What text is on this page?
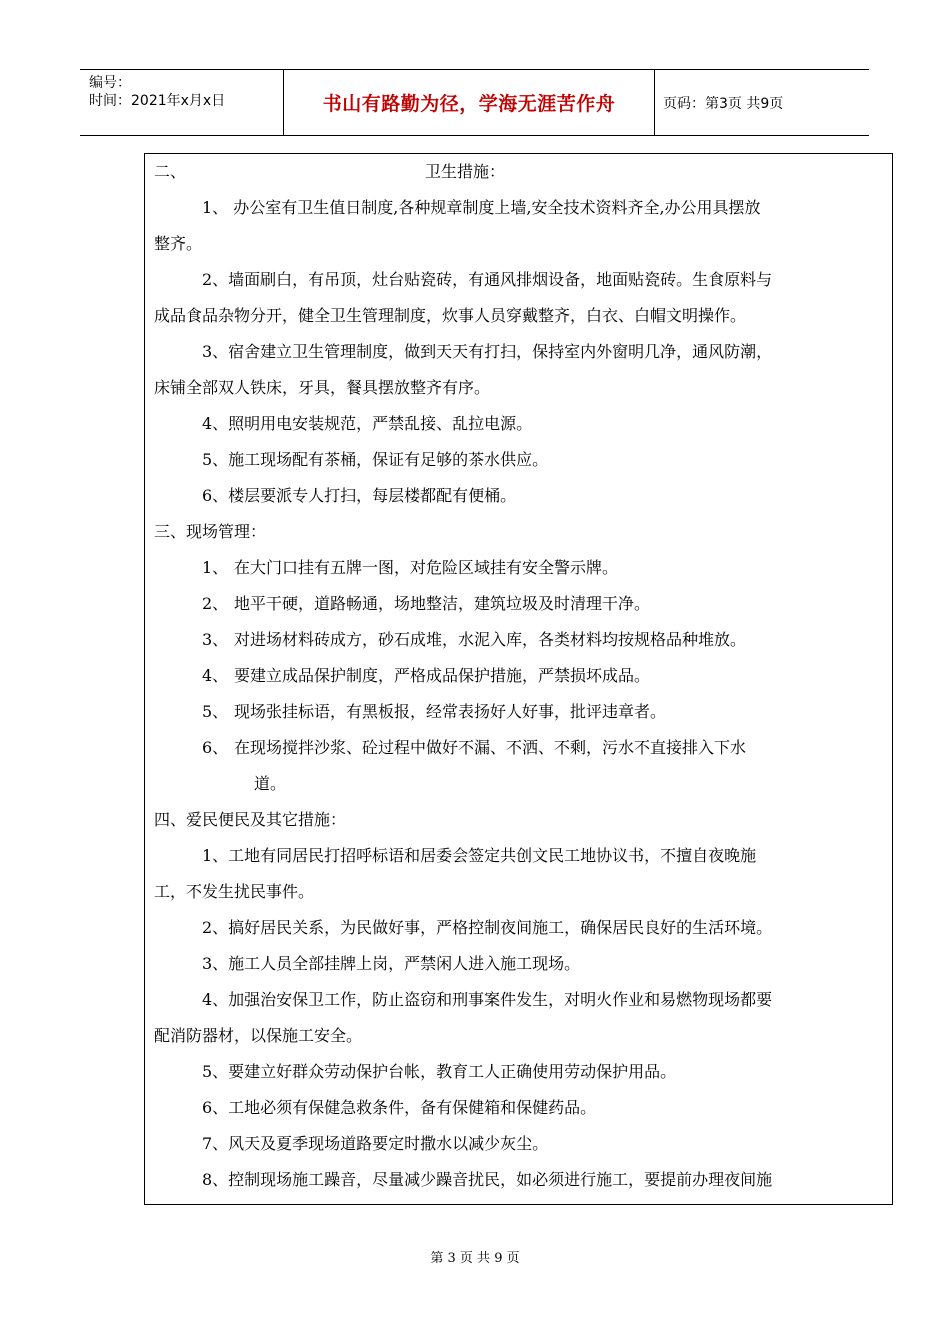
编号：
时间：2021年x月x日	书山有路勤为径，学海无涯苦作舟	页码：第3页 共9页
二、	卫生措施：
1、 办公室有卫生值日制度,各种规章制度上墙,安全技术资料齐全,办公用具摆放
整齐。
2、墙面刷白，有吊顶，灶台贴瓷砖，有通风排烟设备，地面贴瓷砖。生食原料与
成品食品杂物分开，健全卫生管理制度，炊事人员穿戴整齐，白衣、白帽文明操作。
3、宿舍建立卫生管理制度，做到天天有打扫，保持室内外窗明几净，通风防潮，
床铺全部双人铁床，牙具，餐具摆放整齐有序。
4、照明用电安装规范，严禁乱接、乱拉电源。
5、施工现场配有茶桶，保证有足够的茶水供应。
6、楼层要派专人打扫，每层楼都配有便桶。
三、现场管理：
1、 在大门口挂有五牌一图，对危险区域挂有安全警示牌。
2、 地平干硬，道路畅通，场地整洁，建筑垃圾及时清理干净。
3、 对进场材料砖成方，砂石成堆，水泥入库，各类材料均按规格品种堆放。
4、 要建立成品保护制度，严格成品保护措施，严禁损坏成品。
5、 现场张挂标语，有黑板报，经常表扬好人好事，批评违章者。
6、 在现场搅拌沙浆、砼过程中做好不漏、不洒、不剩，污水不直接排入下水
道。
四、爱民便民及其它措施：
1、工地有同居民打招呼标语和居委会签定共创文民工地协议书，不擅自夜晚施
工，不发生扰民事件。
2、搞好居民关系，为民做好事，严格控制夜间施工，确保居民良好的生活环境。
3、施工人员全部挂牌上岗，严禁闲人进入施工现场。
4、加强治安保卫工作，防止盗窃和刑事案件发生，对明火作业和易燃物现场都要
配消防器材，以保施工安全。
5、要建立好群众劳动保护台帐，教育工人正确使用劳动保护用品。
6、工地必须有保健急救条件，备有保健箱和保健药品。
7、风天及夏季现场道路要定时撒水以减少灰尘。
8、控制现场施工躁音，尽量减少躁音扰民，如必须进行施工，要提前办理夜间施
第 3 页 共 9 页
